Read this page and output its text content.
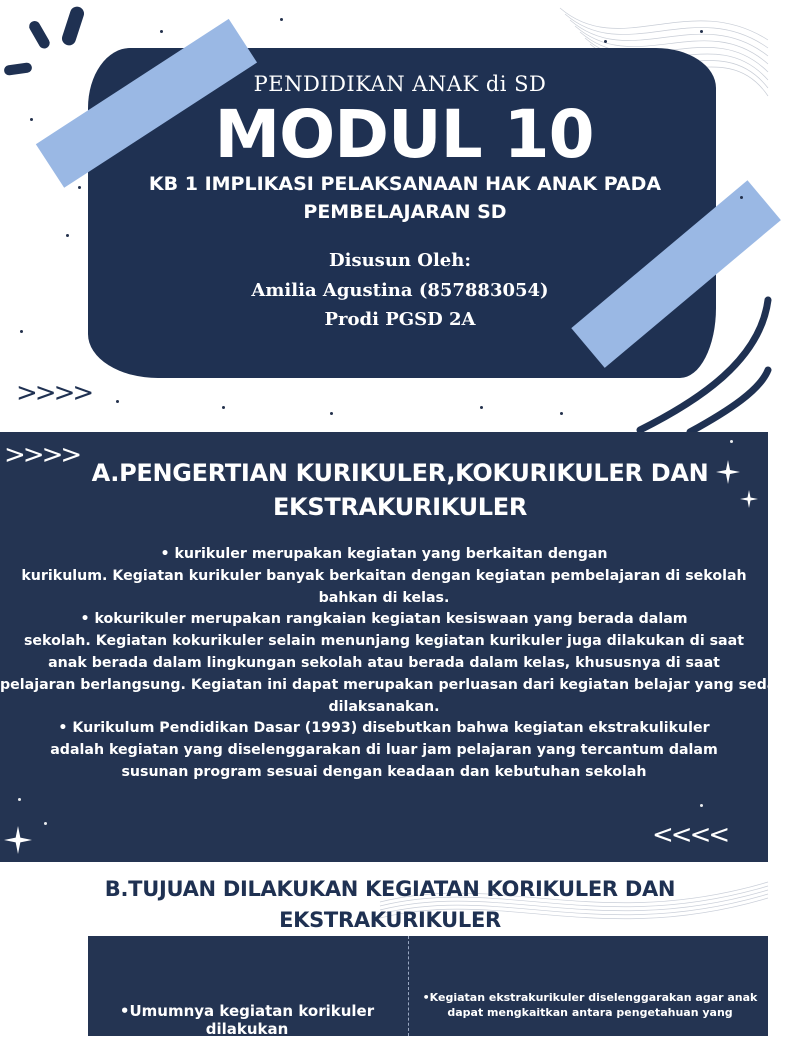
PENDIDIKAN ANAK di SD
MODUL 10
KB 1 IMPLIKASI PELAKSANAAN HAK ANAK PADA
PEMBELAJARAN SD
Disusun Oleh:
Amilia Agustina (857883054)
Prodi PGSD 2A
>>>>
>>>>
A.PENGERTIAN KURIKULER,KOKURIKULER DAN
EKSTRAKURIKULER
• kurikuler merupakan kegiatan yang berkaitan dengan
kurikulum. Kegiatan kurikuler banyak berkaitan dengan kegiatan pembelajaran di sekolah
bahkan di kelas.
• kokurikuler merupakan rangkaian kegiatan kesiswaan yang berada dalam
sekolah. Kegiatan kokurikuler selain menunjang kegiatan kurikuler juga dilakukan di saat
anak berada dalam lingkungan sekolah atau berada dalam kelas, khususnya di saat
pelajaran berlangsung. Kegiatan ini dapat merupakan perluasan dari kegiatan belajar yang sedang
dilaksanakan.
• Kurikulum Pendidikan Dasar (1993) disebutkan bahwa kegiatan ekstrakulikuler
adalah kegiatan yang diselenggarakan di luar jam pelajaran yang tercantum dalam
susunan program sesuai dengan keadaan dan kebutuhan sekolah
<<<<
B.TUJUAN DILAKUKAN KEGIATAN KORIKULER DAN
EKSTRAKURIKULER
•Umumnya kegiatan korikuler dilakukan
•Kegiatan ekstrakurikuler diselenggarakan agar anak
dapat mengkaitkan antara pengetahuan yang
